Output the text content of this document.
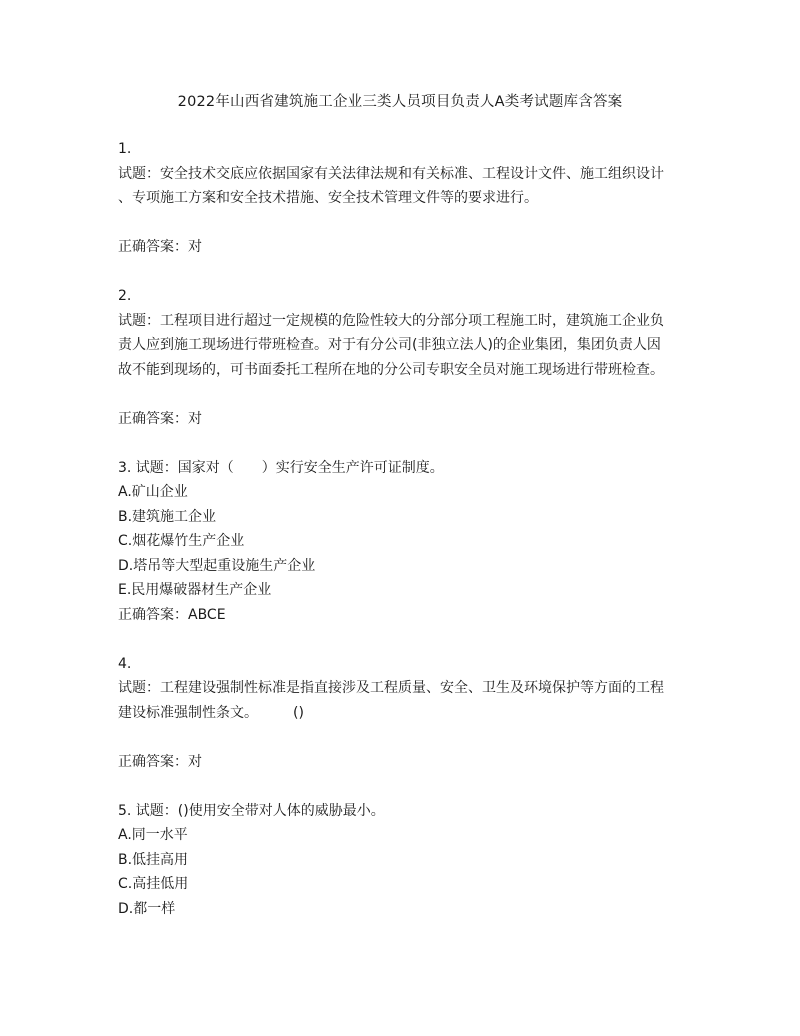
2022年山西省建筑施工企业三类人员项目负责人A类考试题库含答案

1.

试题：安全技术交底应依据国家有关法律法规和有关标准、工程设计文件、施工组织设计

、专项施工方案和安全技术措施、安全技术管理文件等的要求进行。

正确答案：对

2.

试题：工程项目进行超过一定规模的危险性较大的分部分项工程施工时，建筑施工企业负

责人应到施工现场进行带班检查。对于有分公司(非独立法人)的企业集团，集团负责人因

故不能到现场的，可书面委托工程所在地的分公司专职安全员对施工现场进行带班检查。

正确答案：对

3. 试题：国家对（　　）实行安全生产许可证制度。

A.矿山企业

B.建筑施工企业

C.烟花爆竹生产企业

D.塔吊等大型起重设施生产企业

E.民用爆破器材生产企业

正确答案：ABCE

4.

试题：工程建设强制性标准是指直接涉及工程质量、安全、卫生及环境保护等方面的工程

建设标准强制性条文。　　　()

正确答案：对

5. 试题：()使用安全带对人体的威胁最小。

A.同一水平

B.低挂高用

C.高挂低用

D.都一样
